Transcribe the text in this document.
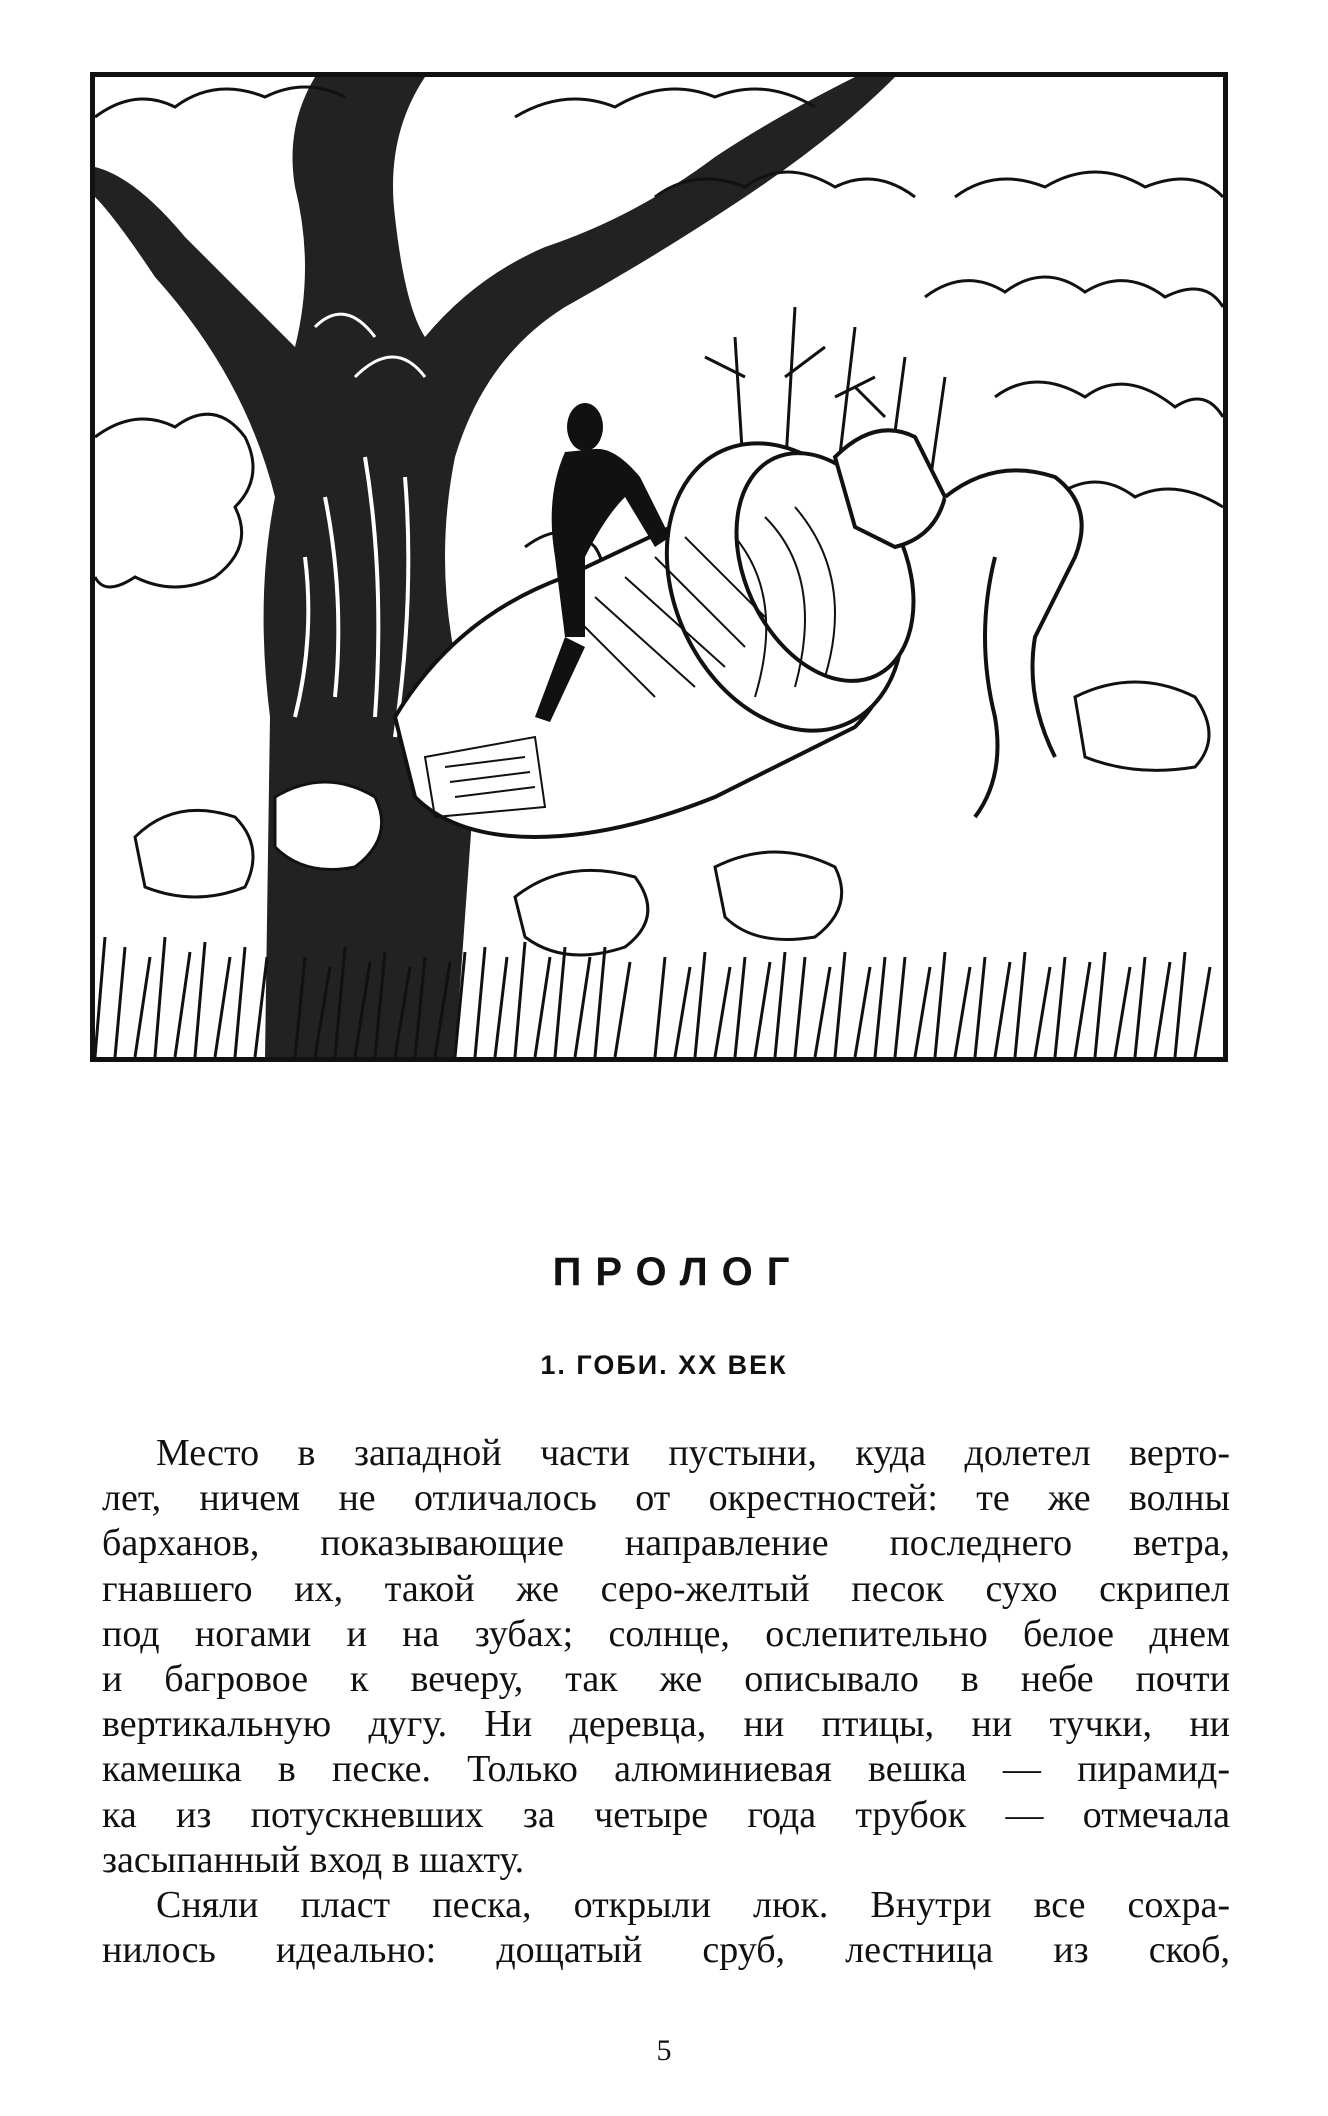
ПРОЛОГ
1. ГОБИ. XX ВЕК
Место в западной части пустыни, куда долетел верто-
лет, ничем не отличалось от окрестностей: те же волны
барханов, показывающие направление последнего ветра,
гнавшего их, такой же серо-желтый песок сухо скрипел
под ногами и на зубах; солнце, ослепительно белое днем
и багровое к вечеру, так же описывало в небе почти
вертикальную дугу. Ни деревца, ни птицы, ни тучки, ни
камешка в песке. Только алюминиевая вешка — пирамид-
ка из потускневших за четыре года трубок — отмечала
засыпанный вход в шахту.
Сняли пласт песка, открыли люк. Внутри все сохра-
нилось идеально: дощатый сруб, лестница из скоб,
5
